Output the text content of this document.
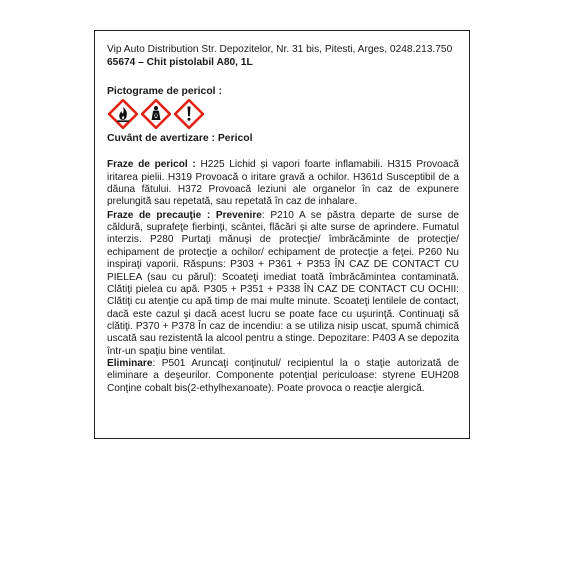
Vip Auto Distribution Str. Depozitelor, Nr. 31 bis, Pitesti, Arges, 0248.213.750
65674 – Chit pistolabil A80, 1L
Pictograme de pericol :
Cuvânt de avertizare : Pericol

Fraze de pericol : H225 Lichid și vapori foarte inflamabili. H315 Provoacă iritarea pielii. H319 Provoacă o iritare gravă a ochilor. H361d Susceptibil de a dăuna fătului. H372 Provoacă leziuni ale organelor în caz de expunere prelungită sau repetată, sau repetată în caz de inhalare.

Fraze de precauţie : Prevenire: P210 A se păstra departe de surse de căldură, suprafeţe fierbinţi, scântei, flăcări și alte surse de aprindere. Fumatul interzis. P280 Purtaţi mănuşi de protecţie/ îmbrăcăminte de protecţie/ echipament de protecţie a ochilor/ echipament de protecţie a feţei. P260 Nu inspiraţi vaporii. Răspuns: P303 + P361 + P353 ÎN CAZ DE CONTACT CU PIELEA (sau cu părul): Scoateţi imediat toată îmbrăcămintea contaminată. Clătiţi pielea cu apă. P305 + P351 + P338 ÎN CAZ DE CONTACT CU OCHII: Clătiţi cu atenţie cu apă timp de mai multe minute. Scoateţi lentilele de contact, dacă este cazul şi dacă acest lucru se poate face cu uşurinţă. Continuaţi să clătiţi. P370 + P378 În caz de incendiu: a se utiliza nisip uscat, spumă chimică uscată sau rezistentă la alcool pentru a stinge. Depozitare: P403 A se depozita într-un spaţiu bine ventilat.

Eliminare: P501 Aruncaţi conţinutul/ recipientul la o staţie autorizată de eliminare a deşeurilor. Componente potenţial periculoase: styrene EUH208 Conţine cobalt bis(2-ethylhexanoate). Poate provoca o reacţie alergică.
